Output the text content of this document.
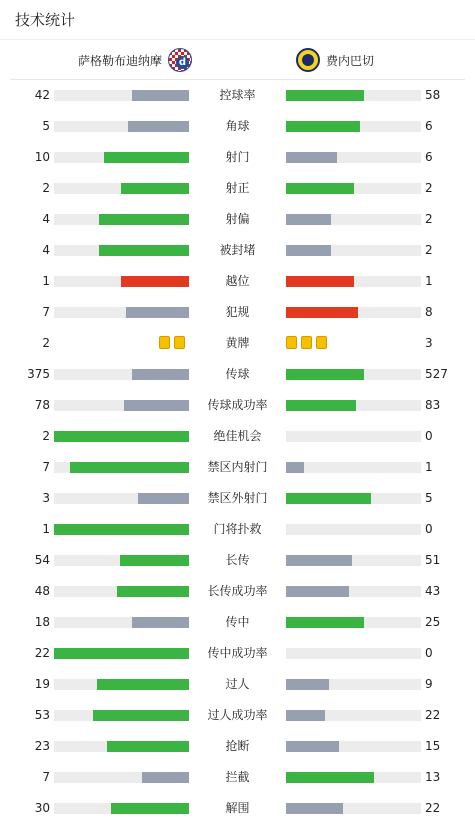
技术统计
萨格勒布迪纳摩 d	费内巴切
42	控球率	58
5	角球	6
10	射门	6
2	射正	2
4	射偏	2
4	被封堵	2
1	越位	1
7	犯规	8
2	黄牌	3
375	传球	527
78	传球成功率	83
2	绝佳机会	0
7	禁区内射门	1
3	禁区外射门	5
1	门将扑救	0
54	长传	51
48	长传成功率	43
18	传中	25
22	传中成功率	0
19	过人	9
53	过人成功率	22
23	抢断	15
7	拦截	13
30	解围	22
